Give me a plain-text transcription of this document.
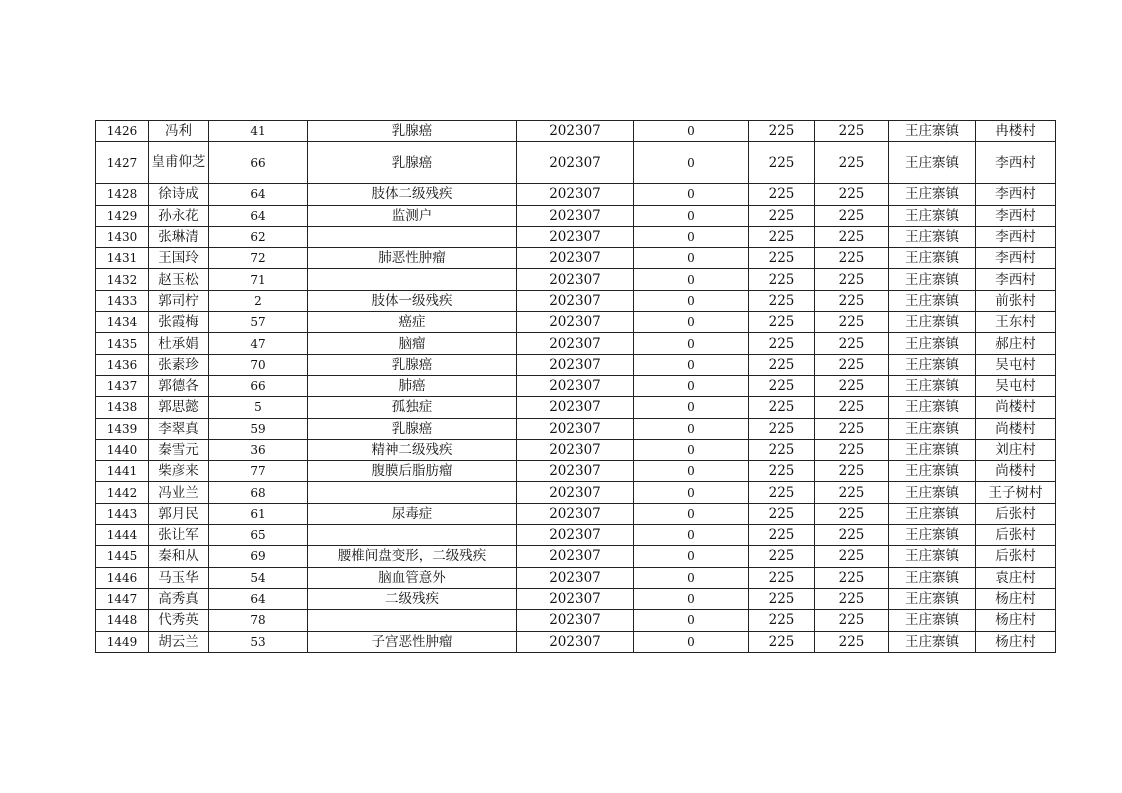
1426	冯利	41	乳腺癌	202307	0	225	225	王庄寨镇	冉楼村
1427	皇甫仰芝	66	乳腺癌	202307	0	225	225	王庄寨镇	李西村
1428	徐诗成	64	肢体二级残疾	202307	0	225	225	王庄寨镇	李西村
1429	孙永花	64	监测户	202307	0	225	225	王庄寨镇	李西村
1430	张琳清	62		202307	0	225	225	王庄寨镇	李西村
1431	王国玲	72	肺恶性肿瘤	202307	0	225	225	王庄寨镇	李西村
1432	赵玉松	71		202307	0	225	225	王庄寨镇	李西村
1433	郭司柠	2	肢体一级残疾	202307	0	225	225	王庄寨镇	前张村
1434	张霞梅	57	癌症	202307	0	225	225	王庄寨镇	王东村
1435	杜承娟	47	脑瘤	202307	0	225	225	王庄寨镇	郝庄村
1436	张素珍	70	乳腺癌	202307	0	225	225	王庄寨镇	吴屯村
1437	郭德各	66	肺癌	202307	0	225	225	王庄寨镇	吴屯村
1438	郭思懿	5	孤独症	202307	0	225	225	王庄寨镇	尚楼村
1439	李翠真	59	乳腺癌	202307	0	225	225	王庄寨镇	尚楼村
1440	秦雪元	36	精神二级残疾	202307	0	225	225	王庄寨镇	刘庄村
1441	柴彦来	77	腹膜后脂肪瘤	202307	0	225	225	王庄寨镇	尚楼村
1442	冯业兰	68		202307	0	225	225	王庄寨镇	王子树村
1443	郭月民	61	尿毒症	202307	0	225	225	王庄寨镇	后张村
1444	张让军	65		202307	0	225	225	王庄寨镇	后张村
1445	秦和从	69	腰椎间盘变形，二级残疾	202307	0	225	225	王庄寨镇	后张村
1446	马玉华	54	脑血管意外	202307	0	225	225	王庄寨镇	袁庄村
1447	高秀真	64	二级残疾	202307	0	225	225	王庄寨镇	杨庄村
1448	代秀英	78		202307	0	225	225	王庄寨镇	杨庄村
1449	胡云兰	53	子宫恶性肿瘤	202307	0	225	225	王庄寨镇	杨庄村
